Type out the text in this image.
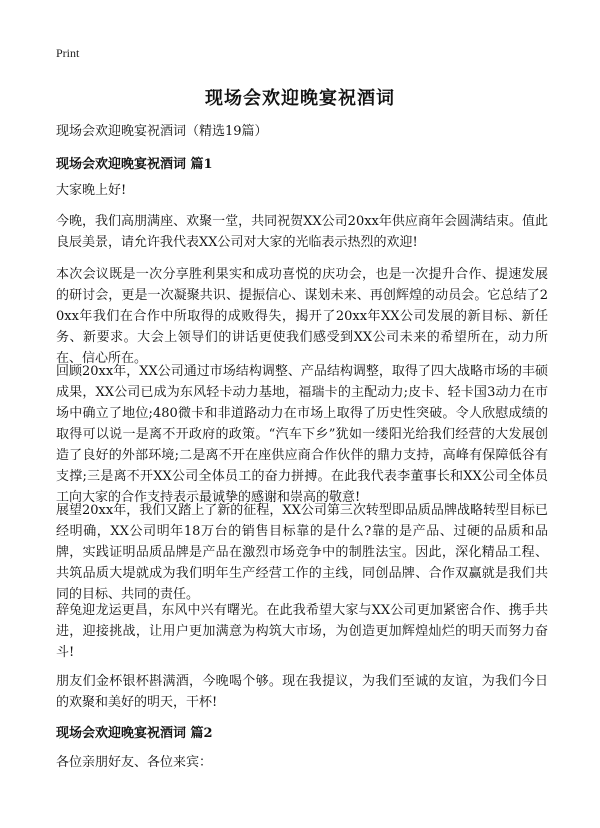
Print
现场会欢迎晚宴祝酒词
现场会欢迎晚宴祝酒词（精选19篇）
现场会欢迎晚宴祝酒词 篇1

大家晚上好!

今晚，我们高朋满座、欢聚一堂，共同祝贺XX公司20xx年供应商年会圆满结束。值此良辰美景，请允许我代表XX公司对大家的光临表示热烈的欢迎!

本次会议既是一次分享胜利果实和成功喜悦的庆功会，也是一次提升合作、提速发展的研讨会，更是一次凝聚共识、提振信心、谋划未来、再创辉煌的动员会。它总结了20xx年我们在合作中所取得的成败得失，揭开了20xx年XX公司发展的新目标、新任务、新要求。大会上领导们的讲话更使我们感受到XX公司未来的希望所在，动力所在、信心所在。

回顾20xx年，XX公司通过市场结构调整、产品结构调整，取得了四大战略市场的丰硕成果，XX公司已成为东风轻卡动力基地，福瑞卡的主配动力;皮卡、轻卡国3动力在市场中确立了地位;480微卡和非道路动力在市场上取得了历史性突破。令人欣慰成绩的取得可以说一是离不开政府的政策。“汽车下乡”犹如一缕阳光给我们经营的大发展创造了良好的外部环境;二是离不开在座供应商合作伙伴的鼎力支持，高峰有保障低谷有支撑;三是离不开XX公司全体员工的奋力拼搏。在此我代表李董事长和XX公司全体员工向大家的合作支持表示最诚挚的感谢和崇高的敬意!

展望20xx年，我们又踏上了新的征程，XX公司第三次转型即品质品牌战略转型目标已经明确，XX公司明年18万台的销售目标靠的是什么?靠的是产品、过硬的品质和品牌，实践证明品质品牌是产品在激烈市场竞争中的制胜法宝。因此，深化精品工程、共筑品质大堤就成为我们明年生产经营工作的主线，同创品牌、合作双赢就是我们共同的目标、共同的责任。

辞兔迎龙运更昌，东风中兴有曙光。在此我希望大家与XX公司更加紧密合作、携手共进，迎接挑战，让用户更加满意为构筑大市场，为创造更加辉煌灿烂的明天而努力奋斗!

朋友们金杯银杯斟满酒，今晚喝个够。现在我提议，为我们至诚的友谊，为我们今日的欢聚和美好的明天，干杯!

现场会欢迎晚宴祝酒词 篇2

各位亲朋好友、各位来宾：
